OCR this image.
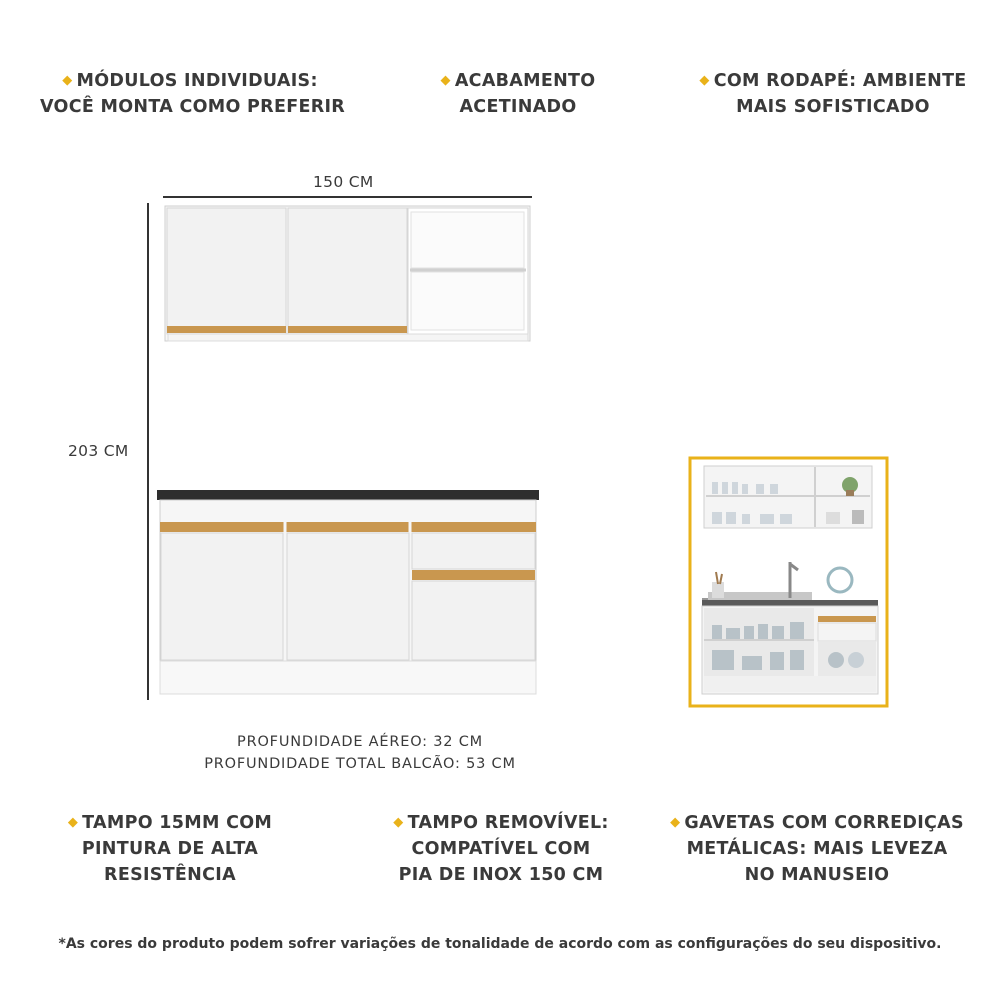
◆ MÓDULOS INDIVIDUAIS:
VOCÊ MONTA COMO PREFERIR
◆ ACABAMENTO
ACETINADO
◆ COM RODAPÉ: AMBIENTE
MAIS SOFISTICADO
150 CM
203 CM
PROFUNDIDADE AÉREO: 32 CM
PROFUNDIDADE TOTAL BALCÃO: 53 CM
◆ TAMPO 15MM COM
PINTURA DE ALTA
RESISTÊNCIA
◆ TAMPO REMOVÍVEL:
COMPATÍVEL COM
PIA DE INOX 150 CM
◆ GAVETAS COM CORREDIÇAS
METÁLICAS: MAIS LEVEZA
NO MANUSEIO
*As cores do produto podem sofrer variações de tonalidade de acordo com as configurações do seu dispositivo.
